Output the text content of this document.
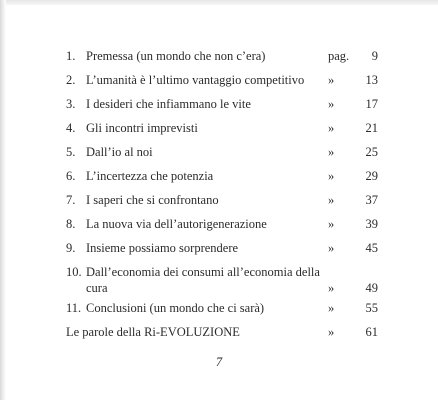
1. Premessa (un mondo che non c’era)	pag. 9
2. L’umanità è l’ultimo vantaggio competitivo	»	13
3. I desideri che infiammano le vite	»	17
4. Gli incontri imprevisti	»	21
5. Dall’io al noi	»	25
6. L’incertezza che potenzia	»	29
7. I saperi che si confrontano	»	37
8. La nuova via dell’autorigenerazione	»	39
9. Insieme possiamo sorprendere	»	45
10. Dall’economia dei consumi all’economia della cura	»	49
11. Conclusioni (un mondo che ci sarà)	»	55
Le parole della Ri-EVOLUZIONE	»	61
7
